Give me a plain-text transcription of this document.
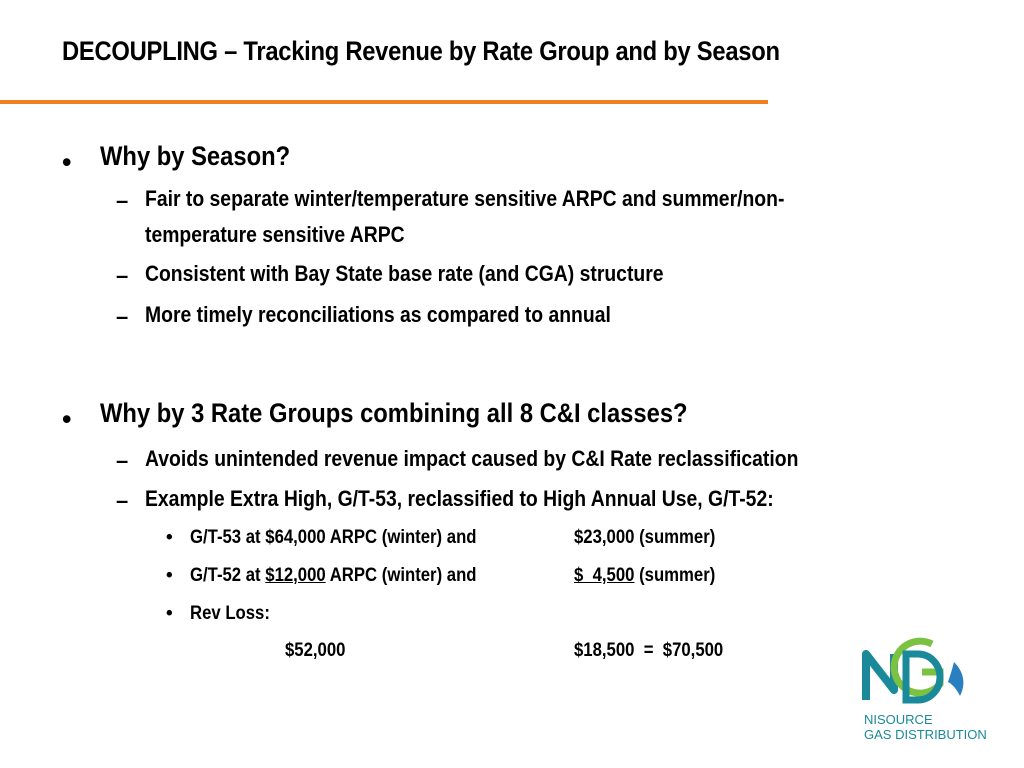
DECOUPLING – Tracking Revenue by Rate Group and by Season
• Why by Season?
– Fair to separate winter/temperature sensitive ARPC and summer/non-
temperature sensitive ARPC
– Consistent with Bay State base rate (and CGA) structure
– More timely reconciliations as compared to annual
• Why by 3 Rate Groups combining all 8 C&I classes?
– Avoids unintended revenue impact caused by C&I Rate reclassification
– Example Extra High, G/T-53, reclassified to High Annual Use, G/T-52:
• G/T-53 at $64,000 ARPC (winter) and	$23,000 (summer)
• G/T-52 at $12,000 ARPC (winter) and	$  4,500 (summer)
• Rev Loss:
$52,000	$18,500  =  $70,500
NISOURCE
GAS DISTRIBUTION
